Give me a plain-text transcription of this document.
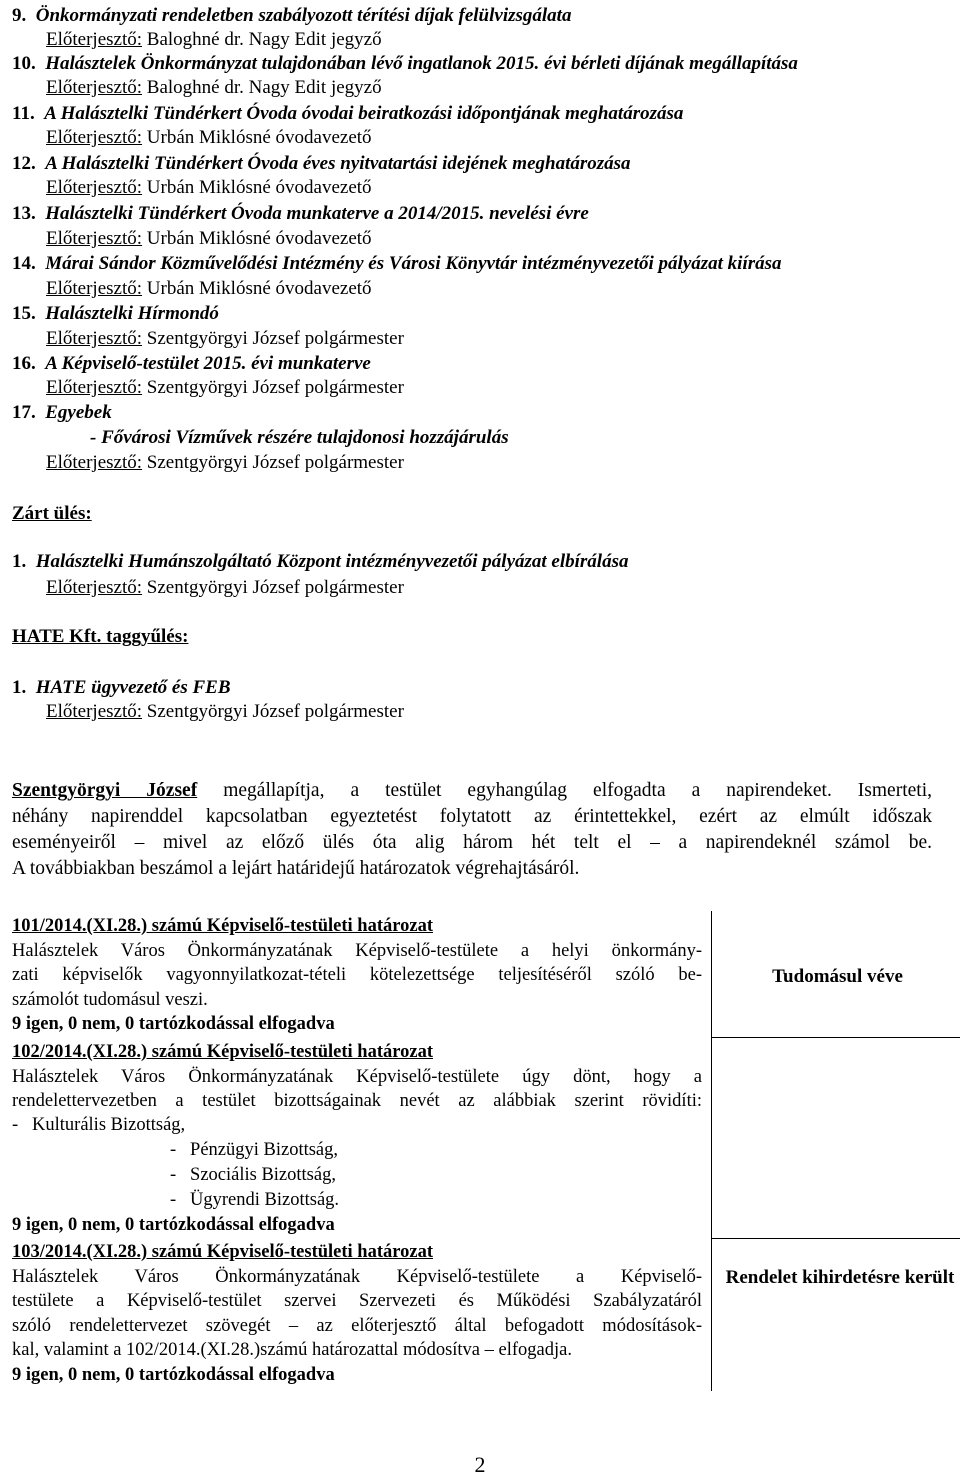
9. Önkormányzati rendeletben szabályozott térítési díjak felülvizsgálata
Előterjesztő: Baloghné dr. Nagy Edit jegyző
10. Halásztelek Önkormányzat tulajdonában lévő ingatlanok 2015. évi bérleti díjának megállapítása
Előterjesztő: Baloghné dr. Nagy Edit jegyző
11. A Halásztelki Tündérkert Óvoda óvodai beiratkozási időpontjának meghatározása
Előterjesztő: Urbán Miklósné óvodavezető
12. A Halásztelki Tündérkert Óvoda éves nyitvatartási idejének meghatározása
Előterjesztő: Urbán Miklósné óvodavezető
13. Halásztelki Tündérkert Óvoda munkaterve a 2014/2015. nevelési évre
Előterjesztő: Urbán Miklósné óvodavezető
14. Márai Sándor Közművelődési Intézmény és Városi Könyvtár intézményvezetői pályázat kiírása
Előterjesztő: Urbán Miklósné óvodavezető
15. Halásztelki Hírmondó
Előterjesztő: Szentgyörgyi József polgármester
16. A Képviselő-testület 2015. évi munkaterve
Előterjesztő: Szentgyörgyi József polgármester
17. Egyebek
- Fővárosi Vízművek részére tulajdonosi hozzájárulás
Előterjesztő: Szentgyörgyi József polgármester
Zárt ülés:
1. Halásztelki Humánszolgáltató Központ intézményvezetői pályázat elbírálása
Előterjesztő: Szentgyörgyi József polgármester
HATE Kft. taggyűlés:
1. HATE ügyvezető és FEB
Előterjesztő: Szentgyörgyi József polgármester

Szentgyörgyi József megállapítja, a testület egyhangúlag elfogadta a napirendeket. Ismerteti,

néhány napirenddel kapcsolatban egyeztetést folytatott az érintettekkel, ezért az elmúlt időszak

eseményeiről – mivel az előző ülés óta alig három hét telt el – a napirendeknél számol be.

A továbbiakban beszámol a lejárt határidejű határozatok végrehajtásáról.

101/2014.(XI.28.) számú Képviselő-testületi határozat

Halásztelek Város Önkormányzatának Képviselő-testülete a helyi önkormány-

zati képviselők vagyonnyilatkozat-tételi kötelezettsége teljesítéséről szóló be-

számolót tudomásul veszi.

9 igen, 0 nem, 0 tartózkodással elfogadva

Tudomásul véve

102/2014.(XI.28.) számú Képviselő-testületi határozat

Halásztelek Város Önkormányzatának Képviselő-testülete úgy dönt, hogy a

rendelettervezetben a testület bizottságainak nevét az alábbiak szerint rövidíti:

-   Kulturális Bizottság,
-   Pénzügyi Bizottság,
-   Szociális Bizottság,
-   Ügyrendi Bizottság.
9 igen, 0 nem, 0 tartózkodással elfogadva

103/2014.(XI.28.) számú Képviselő-testületi határozat

Halásztelek Város Önkormányzatának Képviselő-testülete a Képviselő-

testülete a Képviselő-testület szervei Szervezeti és Működési Szabályzatáról

szóló rendelettervezet szövegét – az előterjesztő által befogadott módosítások-

kal, valamint a 102/2014.(XI.28.)számú határozattal módosítva – elfogadja.

9 igen, 0 nem, 0 tartózkodással elfogadva

Rendelet kihirdetésre került
2
